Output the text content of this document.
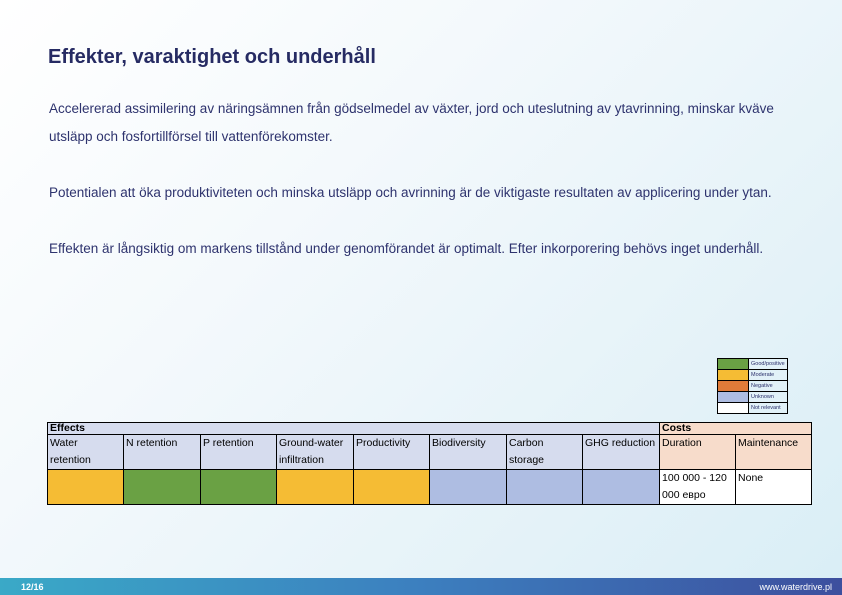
Effekter, varaktighet och underhåll
Accelererad assimilering av näringsämnen från gödselmedel av växter, jord och uteslutning av ytavrinning, minskar kväve utsläpp och fosfortillförsel till vattenförekomster.
Potentialen att öka produktiviteten och minska utsläpp och avrinning är de viktigaste resultaten av applicering under ytan.
Effekten är långsiktig om markens tillstånd under genomförandet är optimalt. Efter inkorporering behövs inget underhåll.
	Good/positive
	Moderate
	Negative
	Unknown
	Not relevant
Effects								Costs	
Water retention	N retention	P retention	Ground-water infiltration	Productivity	Biodiversity	Carbon storage	GHG reduction	Duration	Maintenance
								100 000 - 120 000 евро	None
12/16	www.waterdrive.pl
